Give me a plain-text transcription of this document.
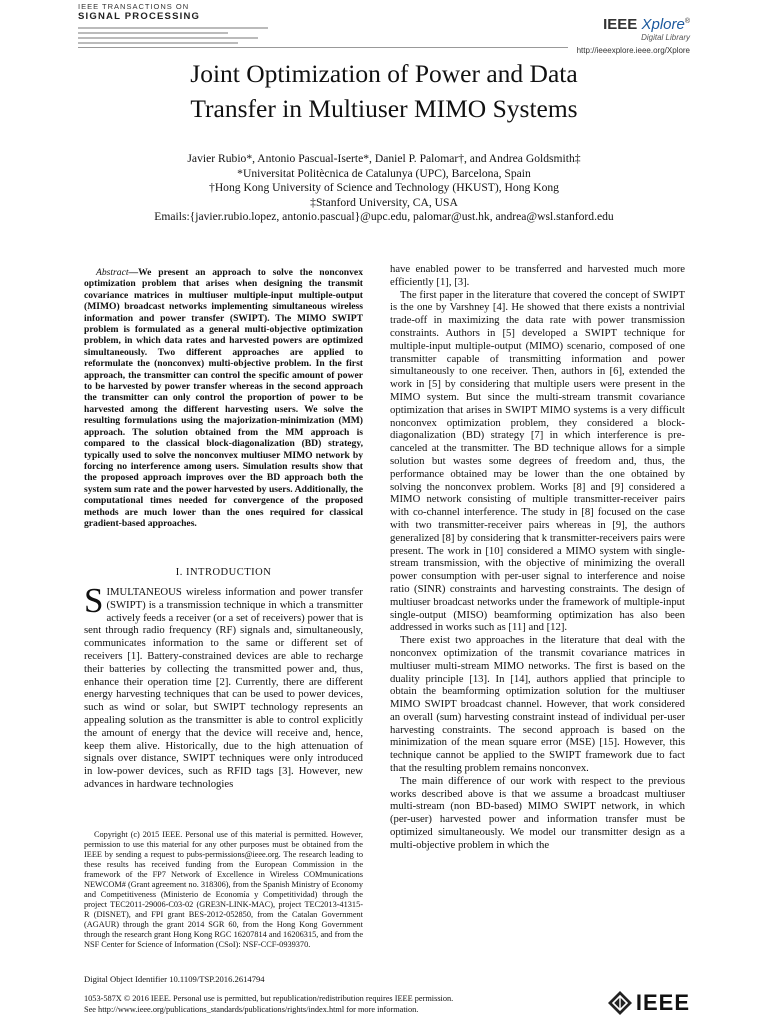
IEEE TRANSACTIONS ON
SIGNAL PROCESSING	IEEE Xplore®
Digital Library
http://ieeexplore.ieee.org/Xplore
Joint Optimization of Power and Data
Transfer in Multiuser MIMO Systems
Javier Rubio*, Antonio Pascual-Iserte*, Daniel P. Palomar†, and Andrea Goldsmith‡
*Universitat Politècnica de Catalunya (UPC), Barcelona, Spain
†Hong Kong University of Science and Technology (HKUST), Hong Kong
‡Stanford University, CA, USA
Emails:{javier.rubio.lopez, antonio.pascual}@upc.edu, palomar@ust.hk, andrea@wsl.stanford.edu

Abstract—We present an approach to solve the nonconvex optimization problem that arises when designing the transmit covariance matrices in multiuser multiple-input multiple-output (MIMO) broadcast networks implementing simultaneous wireless information and power transfer (SWIPT). The MIMO SWIPT problem is formulated as a general multi-objective optimization problem, in which data rates and harvested powers are optimized simultaneously. Two different approaches are applied to reformulate the (nonconvex) multi-objective problem. In the first approach, the transmitter can control the specific amount of power to be harvested by power transfer whereas in the second approach the transmitter can only control the proportion of power to be harvested among the different harvesting users. We solve the resulting formulations using the majorization-minimization (MM) approach. The solution obtained from the MM approach is compared to the classical block-diagonalization (BD) strategy, typically used to solve the nonconvex multiuser MIMO network by forcing no interference among users. Simulation results show that the proposed approach improves over the BD approach both the system sum rate and the power harvested by users. Additionally, the computational times needed for convergence of the proposed methods are much lower than the ones required for classical gradient-based approaches.

I. INTRODUCTION

SIMULTANEOUS wireless information and power transfer (SWIPT) is a transmission technique in which a transmitter actively feeds a receiver (or a set of receivers) power that is sent through radio frequency (RF) signals and, simultaneously, communicates information to the same or different set of receivers [1]. Battery-constrained devices are able to recharge their batteries by collecting the transmitted power and, thus, enhance their operation time [2]. Currently, there are different energy harvesting techniques that can be used to power devices, such as wind or solar, but SWIPT technology represents an appealing solution as the transmitter is able to control explicitly the amount of energy that the device will receive and, hence, keep them alive. Historically, due to the high attenuation of signals over distance, SWIPT techniques were only introduced in low-power devices, such as RFID tags [3]. However, new advances in hardware technologies

Copyright (c) 2015 IEEE. Personal use of this material is permitted. However, permission to use this material for any other purposes must be obtained from the IEEE by sending a request to pubs-permissions@ieee.org. The research leading to these results has received funding from the European Commission in the framework of the FP7 Network of Excellence in Wireless COMmunications NEWCOM# (Grant agreement no. 318306), from the Spanish Ministry of Economy and Competitiveness (Ministerio de Economía y Competitividad) through the project TEC2011-29006-C03-02 (GRE3N-LINK-MAC), project TEC2013-41315-R (DISNET), and FPI grant BES-2012-052850, from the Catalan Government (AGAUR) through the grant 2014 SGR 60, from the Hong Kong Government through the research grant Hong Kong RGC 16207814 and 16206315, and from the NSF Center for Science of Information (CSoI): NSF-CCF-0939370.

Digital Object Identifier 10.1109/TSP.2016.2614794

have enabled power to be transferred and harvested much more efficiently [1], [3].

The first paper in the literature that covered the concept of SWIPT is the one by Varshney [4]. He showed that there exists a nontrivial trade-off in maximizing the data rate with power transmission constraints. Authors in [5] developed a SWIPT technique for multiple-input multiple-output (MIMO) scenario, composed of one transmitter capable of transmitting information and power simultaneously to one receiver. Then, authors in [6], extended the work in [5] by considering that multiple users were present in the MIMO system. But since the multi-stream transmit covariance optimization that arises in SWIPT MIMO systems is a very difficult nonconvex optimization problem, they considered a block-diagonalization (BD) strategy [7] in which interference is pre-canceled at the transmitter. The BD technique allows for a simple solution but wastes some degrees of freedom and, thus, the performance obtained may be lower than the one obtained by solving the nonconvex problem. Works [8] and [9] considered a MIMO network consisting of multiple transmitter-receiver pairs with co-channel interference. The study in [8] focused on the case with two transmitter-receiver pairs whereas in [9], the authors generalized [8] by considering that k transmitter-receivers pairs were present. The work in [10] considered a MIMO system with single-stream transmission, with the objective of minimizing the overall power consumption with per-user signal to interference and noise ratio (SINR) constraints and harvesting constraints. The design of multiuser broadcast networks under the framework of multiple-input single-output (MISO) beamforming optimization has also been addressed in works such as [11] and [12].

There exist two approaches in the literature that deal with the nonconvex optimization of the transmit covariance matrices in multiuser multi-stream MIMO networks. The first is based on the duality principle [13]. In [14], authors applied that principle to obtain the beamforming optimization solution for the multiuser MIMO SWIPT broadcast channel. However, that work considered an overall (sum) harvesting constraint instead of individual per-user harvesting constraints. The second approach is based on the minimization of the mean square error (MSE) [15]. However, this technique cannot be applied to the SWIPT framework due to fact that the resulting problem remains nonconvex.

The main difference of our work with respect to the previous works described above is that we assume a broadcast multiuser multi-stream (non BD-based) MIMO SWIPT network, in which (per-user) harvested power and information transfer must be optimized simultaneously. We model our transmitter design as a multi-objective problem in which the

1053-587X © 2016 IEEE. Personal use is permitted, but republication/redistribution requires IEEE permission.
See http://www.ieee.org/publications_standards/publications/rights/index.html for more information.	IEEE
